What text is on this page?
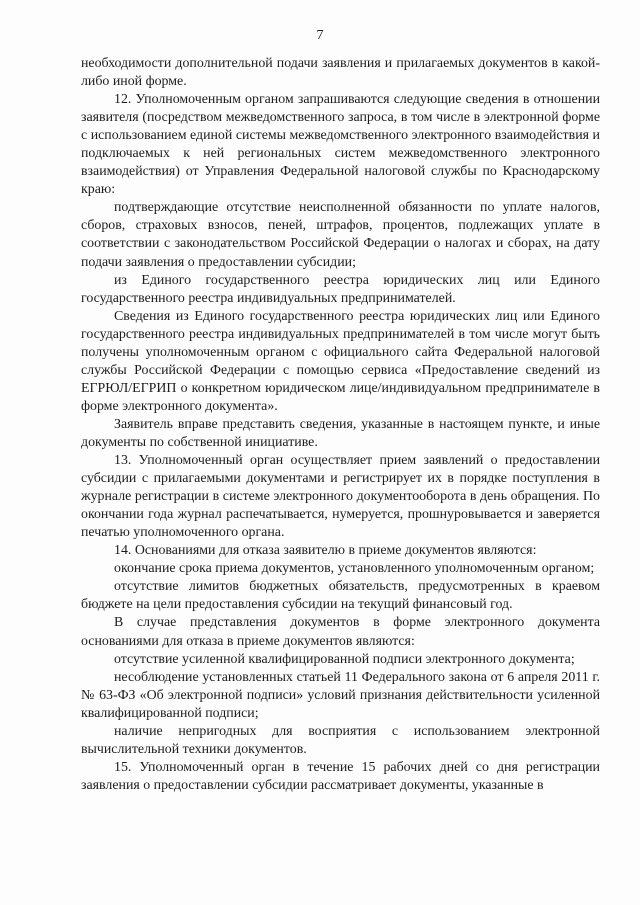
7

необходимости дополнительной подачи заявления и прилагаемых документов в какой-либо иной форме.

12. Уполномоченным органом запрашиваются следующие сведения в отношении заявителя (посредством межведомственного запроса, в том числе в электронной форме с использованием единой системы межведомственного электронного взаимодействия и подключаемых к ней региональных систем межведомственного электронного взаимодействия) от Управления Федеральной налоговой службы по Краснодарскому краю:

подтверждающие отсутствие неисполненной обязанности по уплате налогов, сборов, страховых взносов, пеней, штрафов, процентов, подлежащих уплате в соответствии с законодательством Российской Федерации о налогах и сборах, на дату подачи заявления о предоставлении субсидии;

из Единого государственного реестра юридических лиц или Единого государственного реестра индивидуальных предпринимателей.

Сведения из Единого государственного реестра юридических лиц или Единого государственного реестра индивидуальных предпринимателей в том числе могут быть получены уполномоченным органом с официального сайта Федеральной налоговой службы Российской Федерации с помощью сервиса «Предоставление сведений из ЕГРЮЛ/ЕГРИП о конкретном юридическом лице/индивидуальном предпринимателе в форме электронного документа».

Заявитель вправе представить сведения, указанные в настоящем пункте, и иные документы по собственной инициативе.

13. Уполномоченный орган осуществляет прием заявлений о предоставлении субсидии с прилагаемыми документами и регистрирует их в порядке поступления в журнале регистрации в системе электронного документооборота в день обращения. По окончании года журнал распечатывается, нумеруется, прошнуровывается и заверяется печатью уполномоченного органа.

14. Основаниями для отказа заявителю в приеме документов являются:

окончание срока приема документов, установленного уполномоченным органом;

отсутствие лимитов бюджетных обязательств, предусмотренных в краевом бюджете на цели предоставления субсидии на текущий финансовый год.

В случае представления документов в форме электронного документа основаниями для отказа в приеме документов являются:

отсутствие усиленной квалифицированной подписи электронного документа;

несоблюдение установленных статьей 11 Федерального закона от 6 апреля 2011 г. № 63-ФЗ «Об электронной подписи» условий признания действительности усиленной квалифицированной подписи;

наличие непригодных для восприятия с использованием электронной вычислительной техники документов.

15. Уполномоченный орган в течение 15 рабочих дней со дня регистрации заявления о предоставлении субсидии рассматривает документы, указанные в
